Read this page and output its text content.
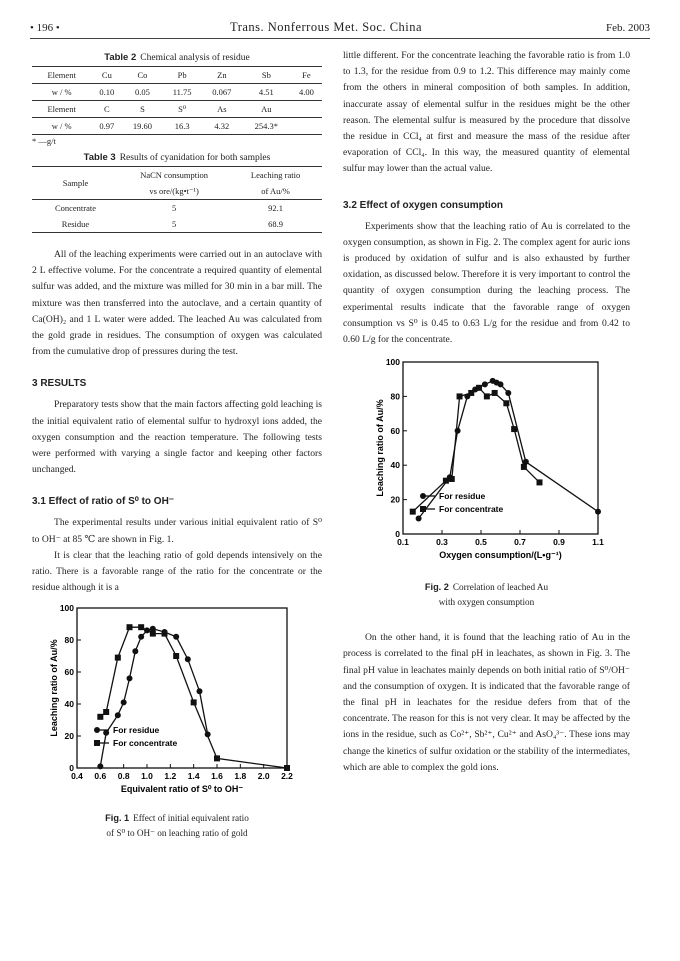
• 196 •	Trans. Nonferrous Met. Soc. China	Feb. 2003
Table 2 Chemical analysis of residue
Element	Cu	Co	Pb	Zn	Sb	Fe
w / %	0.10	0.05	11.75	0.067	4.51	4.00
Element	C	S	S⁰	As	Au	
w / %	0.97	19.60	16.3	4.32	254.3*	
* —g/t
Table 3 Results of cyanidation for both samples
Sample	NaCN consumption	Leaching ratio
	vs ore/(kg•t⁻¹)	of Au/%
Concentrate	5	92.1
Residue	5	68.9

All of the leaching experiments were carried out in an autoclave with 2 L effective volume. For the concentrate a required quantity of elemental sulfur was added, and the mixture was milled for 30 min in a bar mill. The mixture was then transferred into the autoclave, and a certain quantity of Ca(OH)₂ and 1 L water were added. The leached Au was calculated from the gold grade in residues. The consumption of oxygen was calculated from the cumulative drop of pressures during the test.

3 RESULTS

Preparatory tests show that the main factors affecting gold leaching is the initial equivalent ratio of elemental sulfur to hydroxyl ions added, the oxygen consumption and the reaction temperature. The following tests were performed with varying a single factor and keeping other factors unchanged.

3.1 Effect of ratio of S⁰ to OH⁻

The experimental results under various initial equivalent ratio of S⁰ to OH⁻ at 85 ℃ are shown in Fig. 1.

It is clear that the leaching ratio of gold depends intensively on the ratio. There is a favorable range of the ratio for the concentrate or the residue although it is a

0.4 0.6 0.8 1.0 1.2 1.4 1.6 1.8 2.0 2.2
0
20
40
60
80
100
Equivalent ratio of S⁰ to OH⁻
Leaching ratio of Au/%	For residue
For concentrate
Fig. 1 Effect of initial equivalent ratio
of S⁰ to OH⁻ on leaching ratio of gold

little different. For the concentrate leaching the favorable ratio is from 1.0 to 1.3, for the residue from 0.9 to 1.2. This difference may mainly come from the others in mineral composition of both samples. In addition, inaccurate assay of elemental sulfur in the residues might be the other reason. The elemental sulfur is measured by the procedure that dissolve the residue in CCl₄ at first and measure the mass of the residue after evaporation of CCl₄. In this way, the measured quantity of elemental sulfur may lower than the actual value.

3.2 Effect of oxygen consumption

Experiments show that the leaching ratio of Au is correlated to the oxygen consumption, as shown in Fig. 2. The complex agent for auric ions is produced by oxidation of sulfur and is also exhausted by further oxidation, as discussed below. Therefore it is very important to control the quantity of oxygen consumption during the leaching process. The experimental results indicate that the favorable range of oxygen consumption vs S⁰ is 0.45 to 0.63 L/g for the residue and from 0.42 to 0.60 L/g for the concentrate.

0.1	0.3	0.5	0.7	0.9	1.1
0
20
40
60
80
100
Oxygen consumption/(L•g⁻¹)
Leaching ratio of Au/%	For residue
For concentrate
Fig. 2 Correlation of leached Au
with oxygen consumption

On the other hand, it is found that the leaching ratio of Au in the process is correlated to the final pH in leachates, as shown in Fig. 3. The final pH value in leachates mainly depends on both initial ratio of S⁰/OH⁻ and the consumption of oxygen. It is indicated that the favorable range of the final pH in leachates for the residue defers from that of the concentrate. The reason for this is not very clear. It may be affected by the ions in the residue, such as Co²⁺, Sb²⁺, Cu²⁺ and AsO₄³⁻. These ions may change the kinetics of sulfur oxidation or the stability of the intermediates, which are able to complex the gold ions.
